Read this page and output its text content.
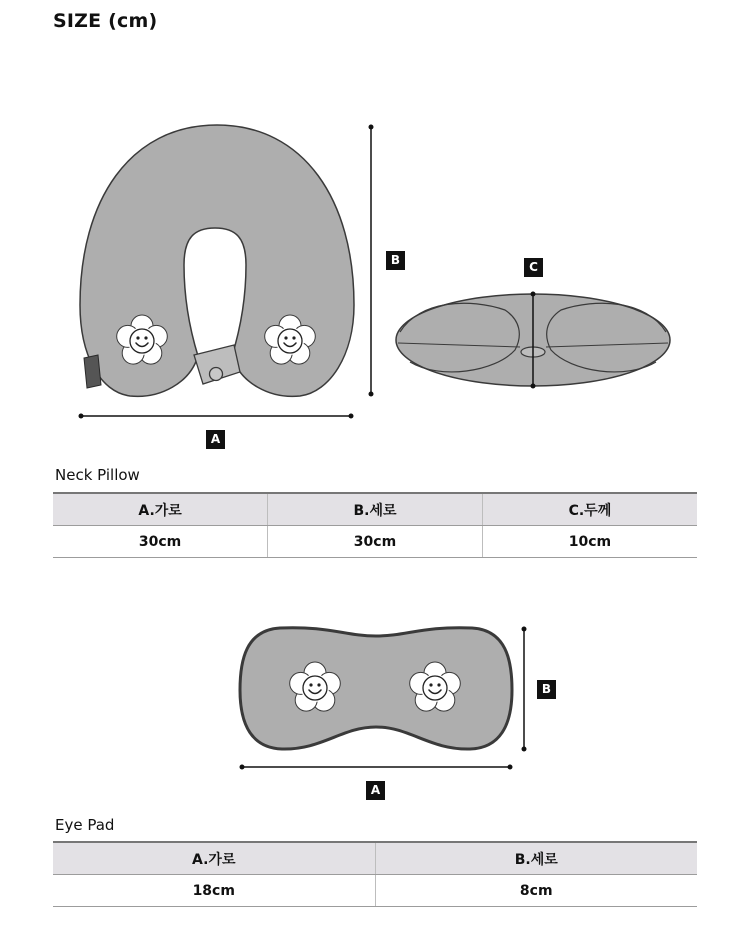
SIZE (cm)
A
B	C
Neck Pillow
A.가로	B.세로	C.두께
30cm	30cm	10cm
B
A
Eye Pad
A.가로	B.세로
18cm	8cm
